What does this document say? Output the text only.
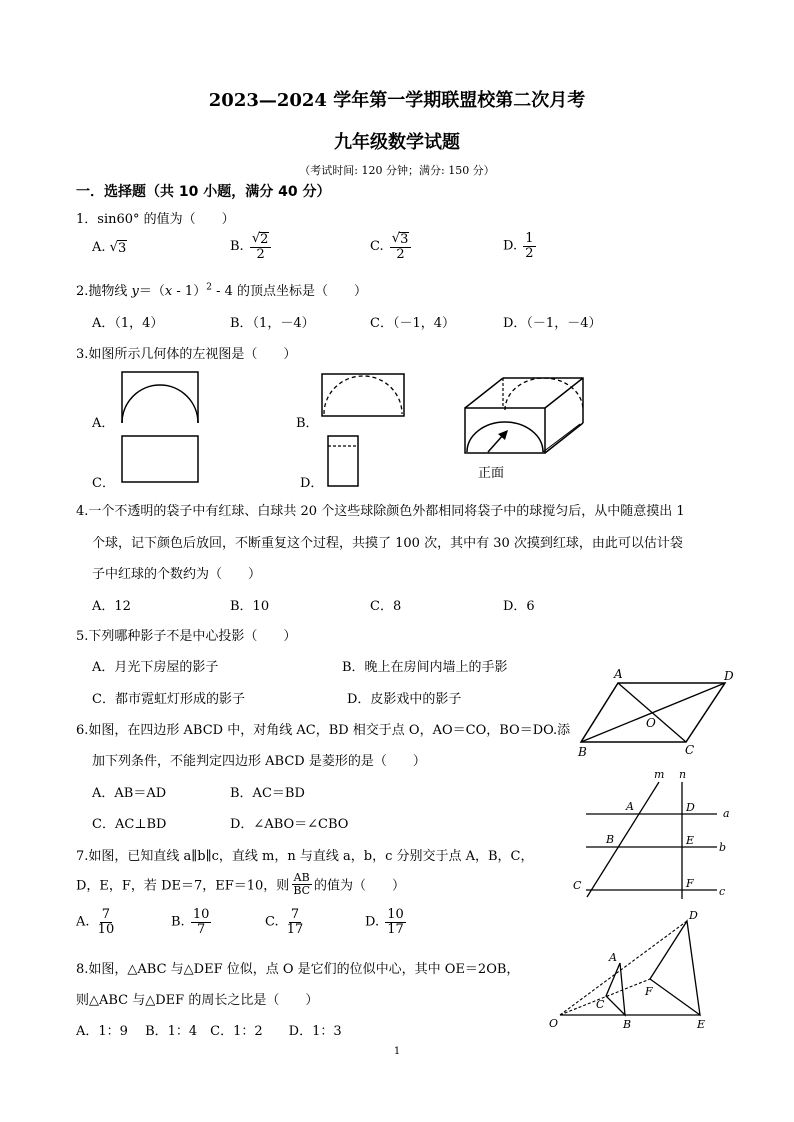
2023—2024 学年第一学期联盟校第二次月考
九年级数学试题
（考试时间: 120 分钟；满分: 150 分）
一．选择题（共 10 小题，满分 40 分）
1．sin60° 的值为（　　）
A. √ 3	B. $\frac{√ 2}{2}$	C. $\frac{√ 3}{2}$	D. $\frac{1}{2}$
2.抛物线 y＝（x - 1）$^2$ - 4 的顶点坐标是（　　）
A．（1，4）	B．（1，－4）	C．（－1，4）	D．（－1，－4）
3.如图所示几何体的左视图是（　　）
A．	B．
C．	D．
正面
4.一个不透明的袋子中有红球、白球共 20 个这些球除颜色外都相同将袋子中的球搅匀后，从中随意摸出 1
个球，记下颜色后放回，不断重复这个过程，共摸了 100 次，其中有 30 次摸到红球，由此可以估计袋
子中红球的个数约为（　　）
A．12	B．10	C．8	D．6
5.下列哪种影子不是中心投影（　　）
A．月光下房屋的影子	B．晚上在房间内墙上的手影
C．都市霓虹灯形成的影子	D．皮影戏中的影子
6.如图，在四边形 ABCD 中，对角线 AC，BD 相交于点 O，AO＝CO，BO＝DO.添
加下列条件，不能判定四边形 ABCD 是菱形的是（　　）
A．AB＝AD	B．AC＝BD
C．AC⊥BD	D．∠ABO＝∠CBO
A	D
O
B	C
7.如图，已知直线 a∥b∥c，直线 m，n 与直线 a，b，c 分别交于点 A，B，C，
D，E，F，若 DE＝7，EF＝10，则 $\frac{AB}{BC}$ 的值为（　　）
A. $\frac{7}{10}$	B. $\frac{10}{7}$	C. $\frac{7}{17}$	D. $\frac{10}{17}$
m n
A	D	a
B	E
b
C	F
c
8.如图，△ABC 与△DEF 位似，点 O 是它们的位似中心，其中 OE＝2OB，
则△ABC 与△DEF 的周长之比是（　　）
A．1：9　 B．1：4　C．1：2　　D．1：3
D
A
F
C
O	B	E
1
